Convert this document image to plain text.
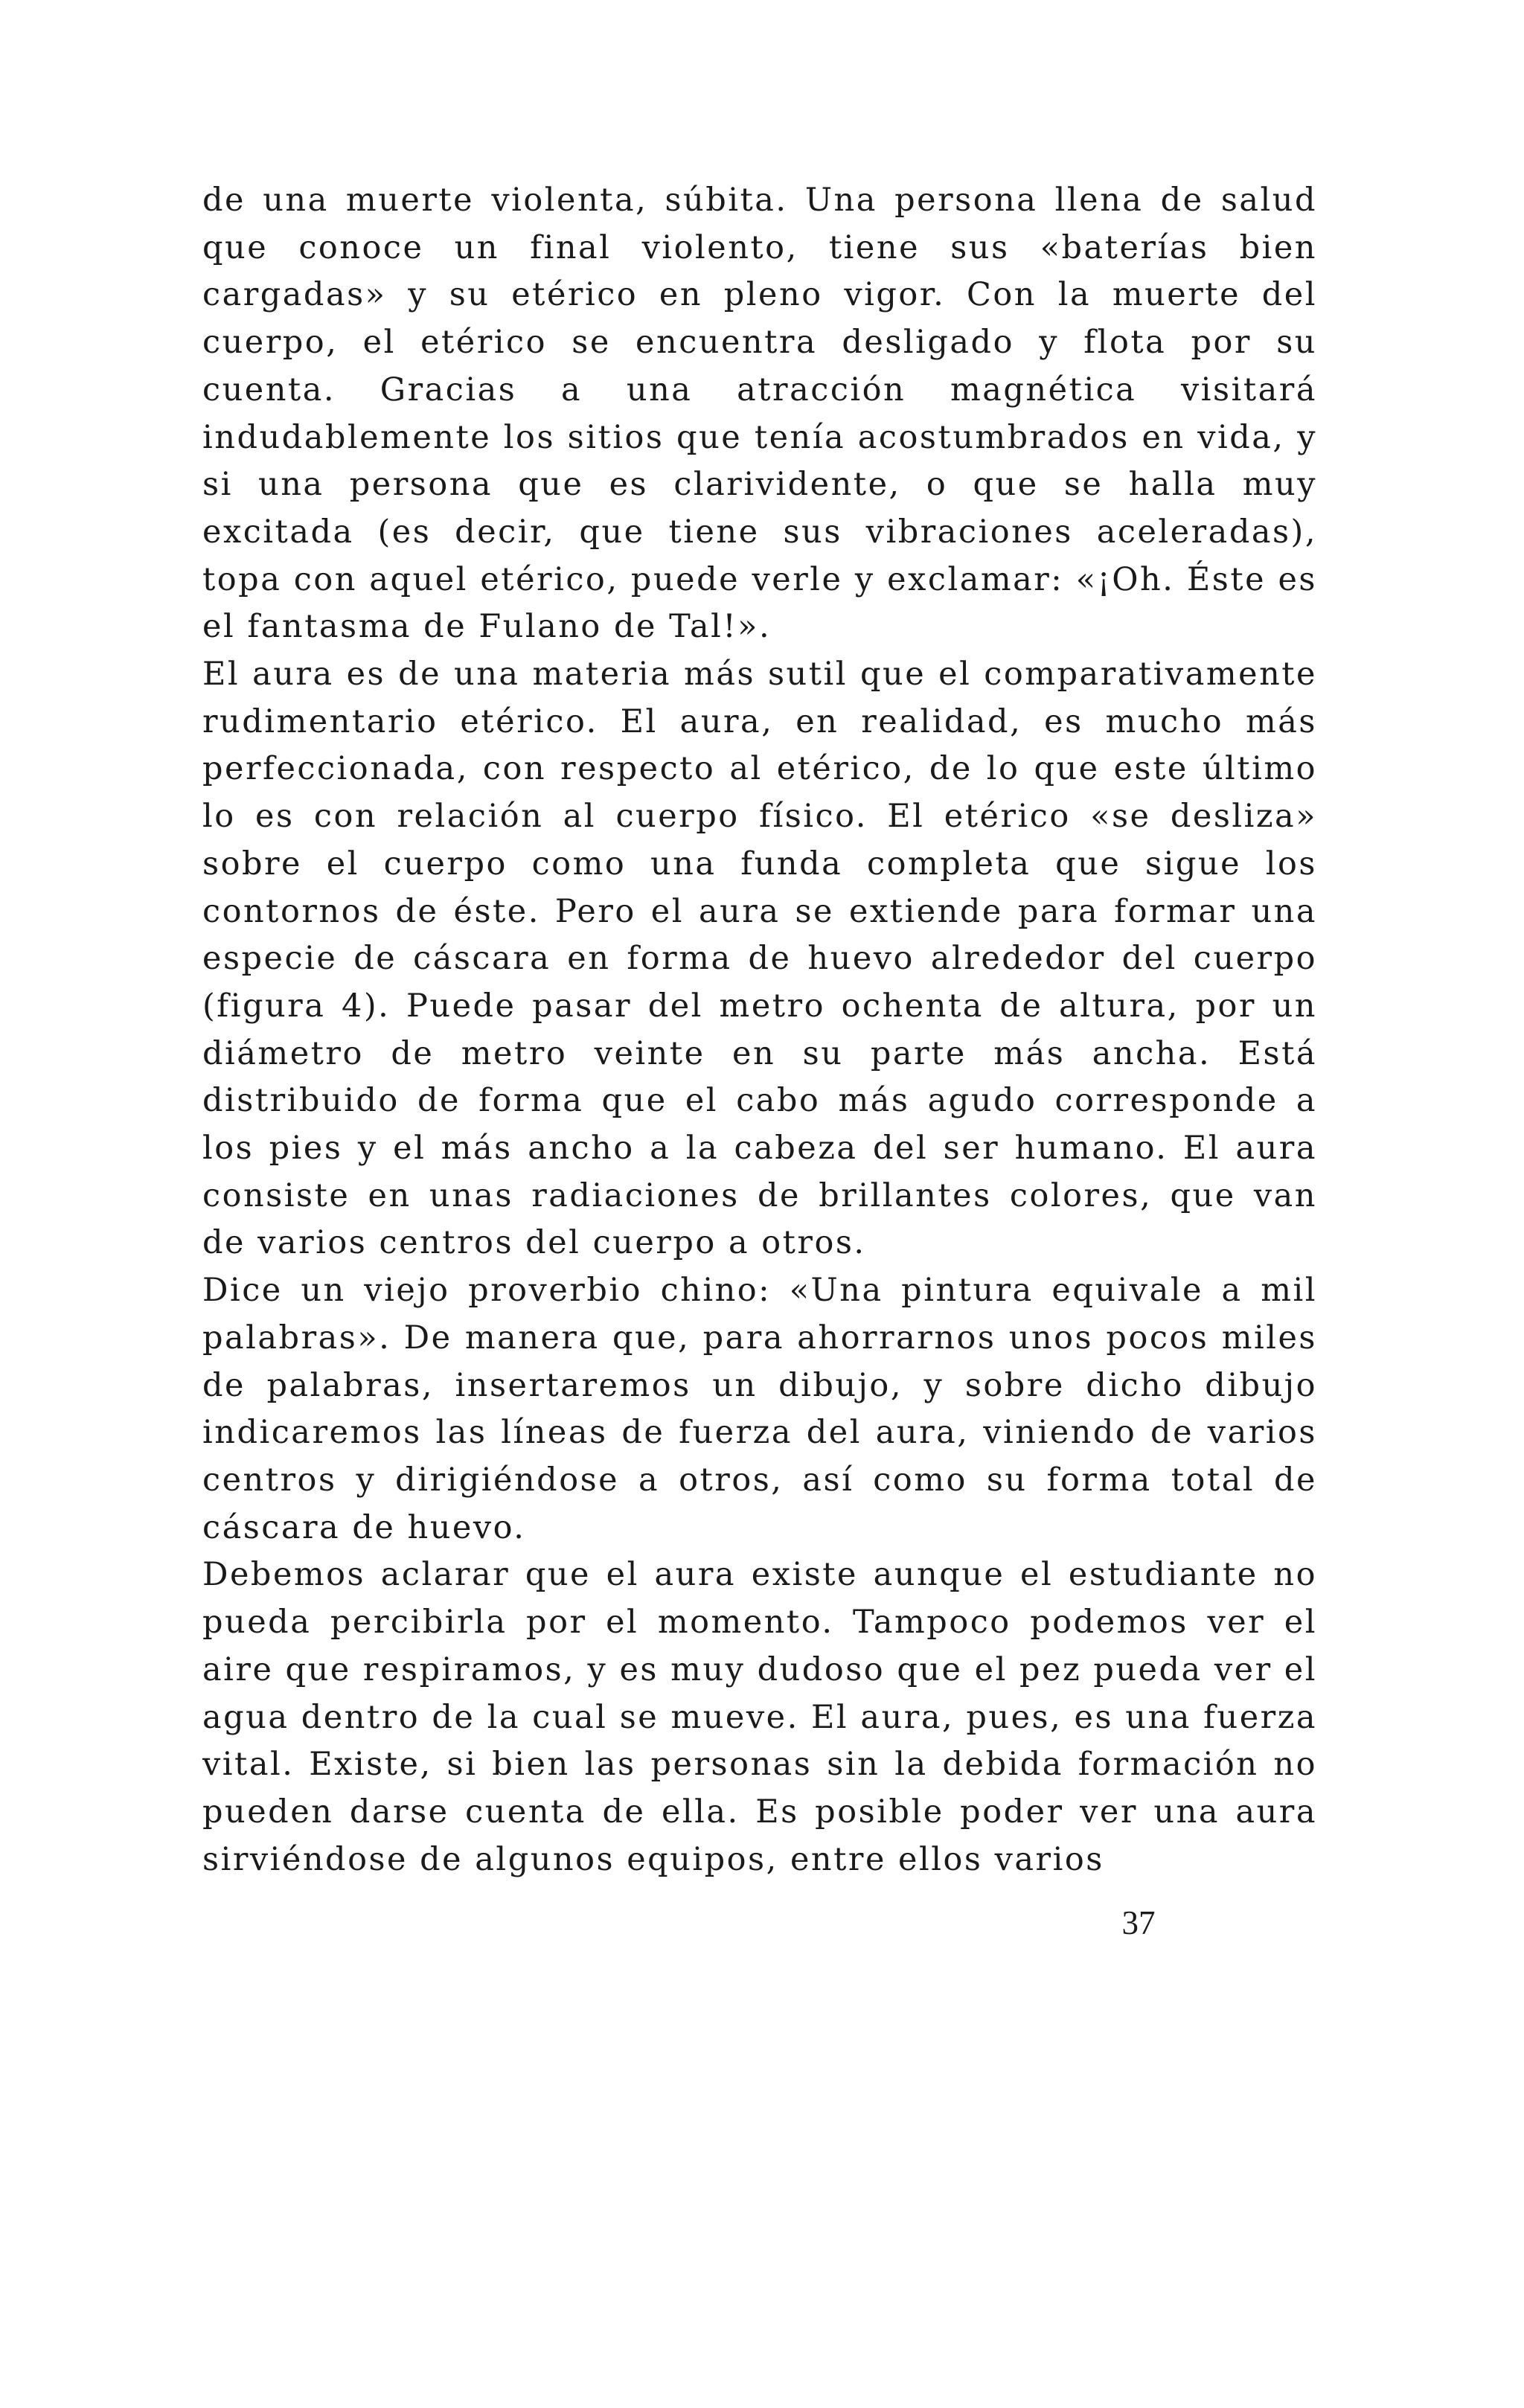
de una muerte violenta, súbita. Una persona llena de salud que conoce un final violento, tiene sus «baterías bien cargadas» y su etérico en pleno vigor. Con la muerte del cuerpo, el etérico se encuentra desligado y flota por su cuenta. Gracias a una atracción magnética visitará indudablemente los sitios que tenía acostumbrados en vida, y si una persona que es clarividente, o que se halla muy excitada (es decir, que tiene sus vibraciones aceleradas), topa con aquel etérico, puede verle y exclamar: «¡Oh. Éste es el fantasma de Fulano de Tal!».

El aura es de una materia más sutil que el comparativamente rudimentario etérico. El aura, en realidad, es mucho más perfeccionada, con respecto al etérico, de lo que este último lo es con relación al cuerpo físico. El etérico «se desliza» sobre el cuerpo como una funda completa que sigue los contornos de éste. Pero el aura se extiende para formar una especie de cáscara en forma de huevo alrededor del cuerpo (figura 4). Puede pasar del metro ochenta de altura, por un diámetro de metro veinte en su parte más ancha. Está distribuido de forma que el cabo más agudo corresponde a los pies y el más ancho a la cabeza del ser humano. El aura consiste en unas radiaciones de brillantes colores, que van de varios centros del cuerpo a otros.

Dice un viejo proverbio chino: «Una pintura equivale a mil palabras». De manera que, para ahorrarnos unos pocos miles de palabras, insertaremos un dibujo, y sobre dicho dibujo indicaremos las líneas de fuerza del aura, viniendo de varios centros y dirigiéndose a otros, así como su forma total de cáscara de huevo.

Debemos aclarar que el aura existe aunque el estudiante no pueda percibirla por el momento. Tampoco podemos ver el aire que respiramos, y es muy dudoso que el pez pueda ver el agua dentro de la cual se mueve. El aura, pues, es una fuerza vital. Existe, si bien las personas sin la debida formación no pueden darse cuenta de ella. Es posible poder ver una aura sirviéndose de algunos equipos, entre ellos varios

37
